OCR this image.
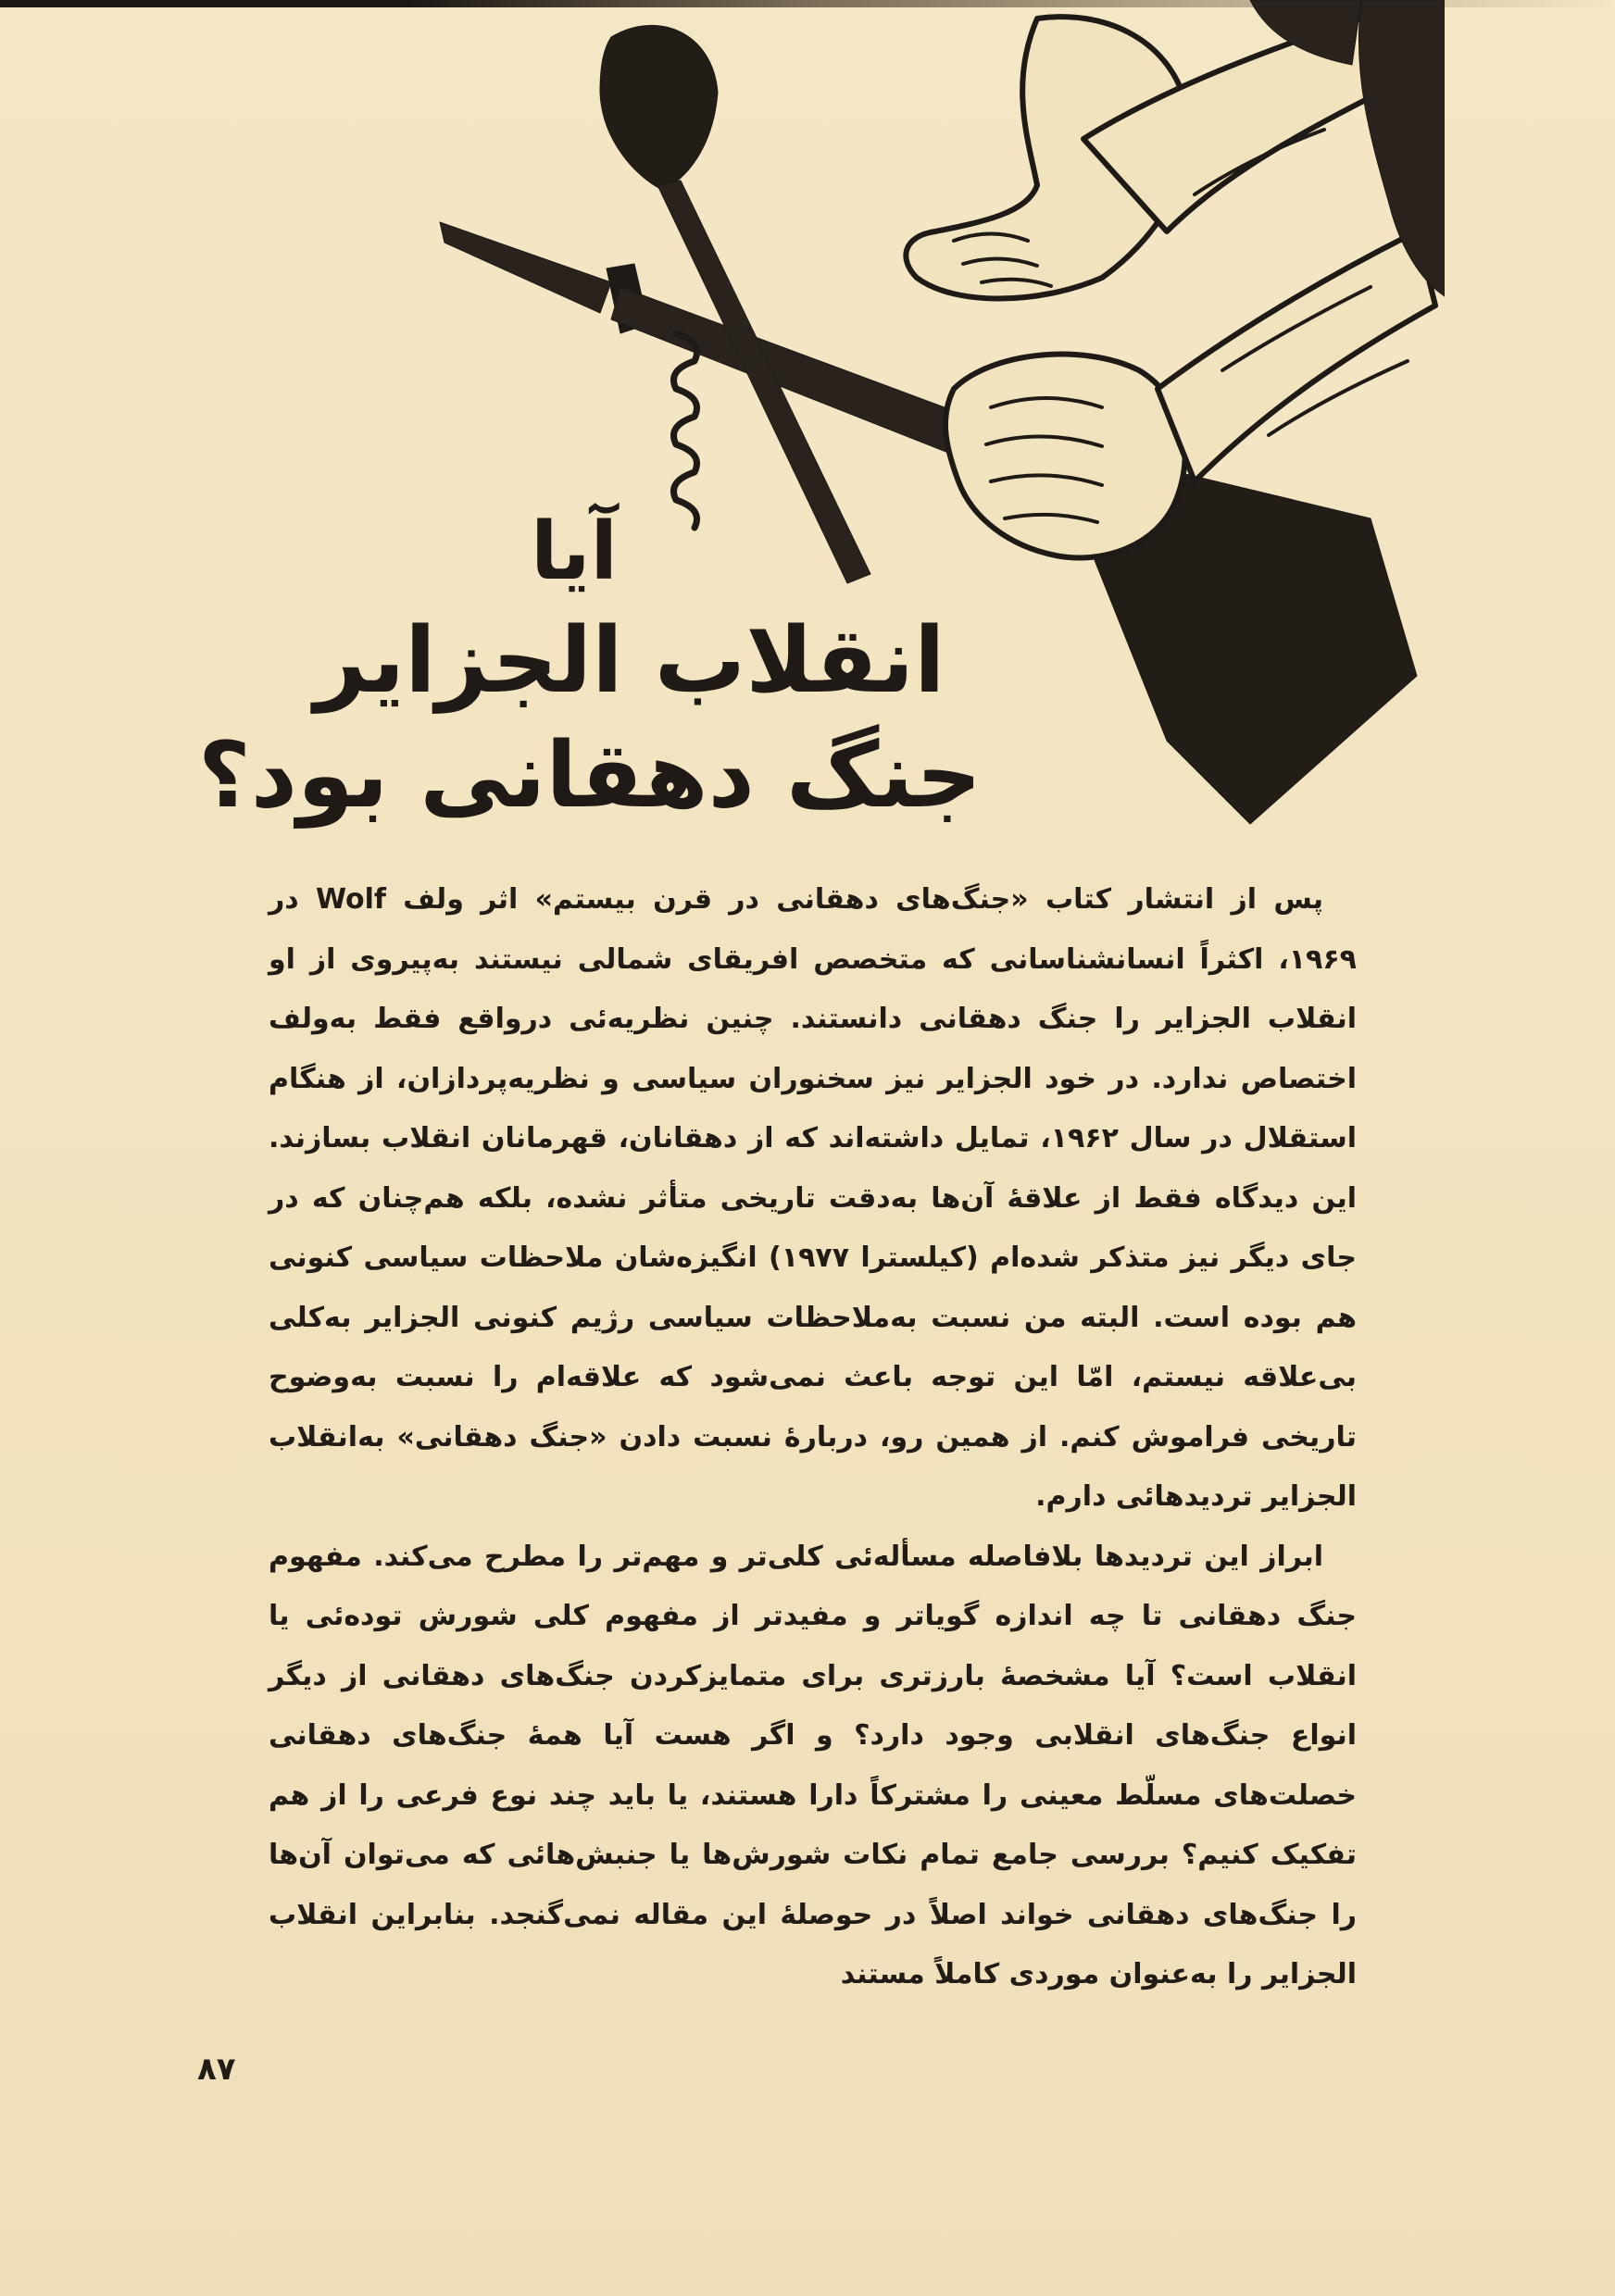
آیا
انقلاب الجزایر
جنگ دهقانی بود؟

پس از انتشار کتاب «جنگ‌های دهقانی در قرن بیستم» اثر ولف Wolf در ۱۹۶۹، اکثراً انسانشناسانی که متخصص افریقای شمالی نیستند به‌پیروی از او انقلاب الجزایر را جنگ دهقانی دانستند. چنین نظریه‌ئی درواقع فقط به‌ولف اختصاص ندارد. در خود الجزایر نیز سخنوران سیاسی و نظریه‌پردازان، از هنگام استقلال در سال ۱۹۶۲، تمایل داشته‌اند که از دهقانان، قهرمانان انقلاب بسازند. این دیدگاه فقط از علاقهٔ آن‌ها به‌دقت تاریخی متأثر نشده، بلکه هم‌چنان که در جای دیگر نیز متذکر شده‌ام (کیلسترا ۱۹۷۷) انگیزه‌شان ملاحظات سیاسی کنونی هم بوده است. البته من نسبت به‌ملاحظات سیاسی رژیم کنونی الجزایر به‌کلی بی‌علاقه نیستم، امّا این توجه باعث نمی‌شود که علاقه‌ام را نسبت به‌وضوح تاریخی فراموش کنم. از همین رو، دربارهٔ نسبت دادن «جنگ دهقانی» به‌انقلاب الجزایر تردیدهائی دارم.

ابراز این تردیدها بلافاصله مسأله‌ئی کلی‌تر و مهم‌تر را مطرح می‌کند. مفهوم جنگ دهقانی تا چه اندازه گویاتر و مفیدتر از مفهوم کلی شورش توده‌ئی یا انقلاب است؟ آیا مشخصهٔ بارزتری برای متمایزکردن جنگ‌های دهقانی از دیگر انواع جنگ‌های انقلابی وجود دارد؟ و اگر هست آیا همهٔ جنگ‌های دهقانی خصلت‌های مسلّط معینی را مشترکاً دارا هستند، یا باید چند نوع فرعی را از هم تفکیک کنیم؟ بررسی جامع تمام نکات شورش‌ها یا جنبش‌هائی که می‌توان آن‌ها را جنگ‌های دهقانی خواند اصلاً در حوصلهٔ این مقاله نمی‌گنجد. بنابراین انقلاب الجزایر را به‌عنوان موردی کاملاً مستند

۸۷
